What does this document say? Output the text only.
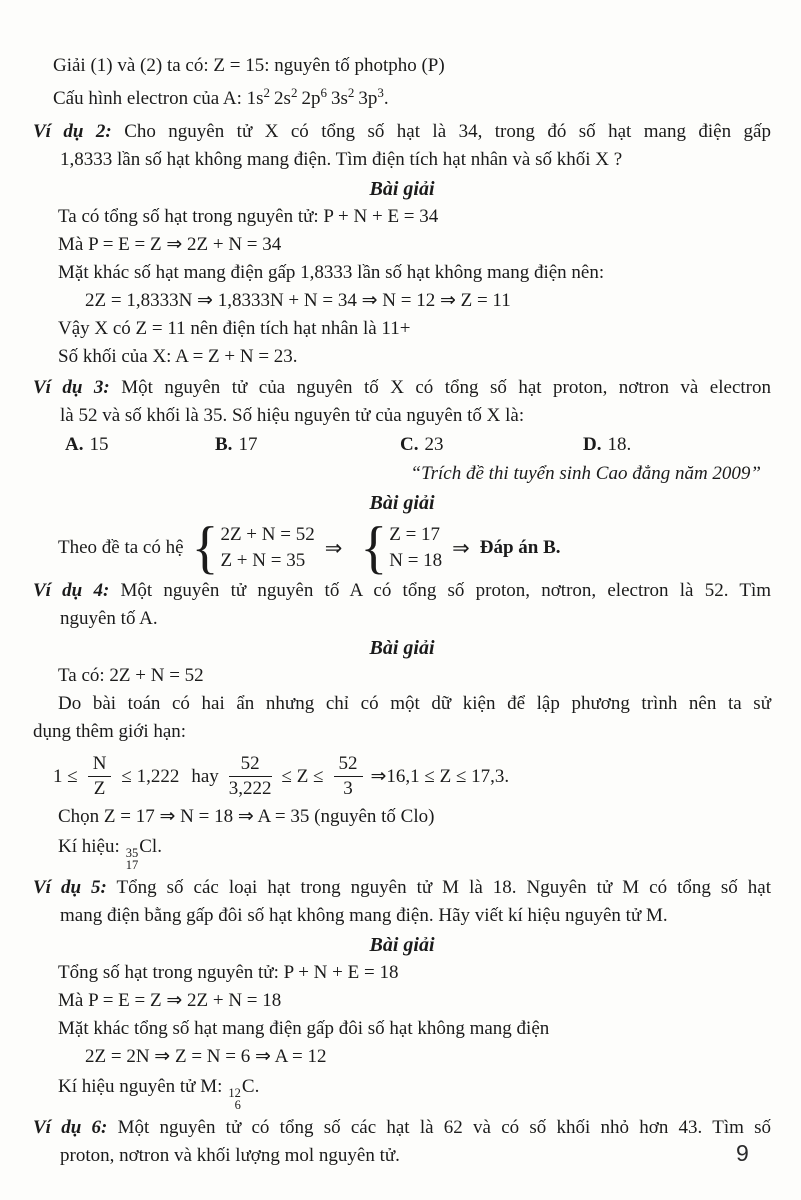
Giải (1) và (2) ta có: Z = 15: nguyên tố photpho (P)
Cấu hình electron của A: $1s^2$ $2s^2$ $2p^6$ $3s^2$ $3p^3$.
Ví dụ 2: Cho nguyên tử X có tổng số hạt là 34, trong đó số hạt mang điện gấp
1,8333 lần số hạt không mang điện. Tìm điện tích hạt nhân và số khối X ?
Bài giải
Ta có tổng số hạt trong nguyên tử: P + N + E = 34
Mà P = E = Z ⇒ 2Z + N = 34
Mặt khác số hạt mang điện gấp 1,8333 lần số hạt không mang điện nên:
2Z = 1,8333N ⇒ 1,8333N + N = 34 ⇒ N = 12 ⇒ Z = 11
Vậy X có Z = 11 nên điện tích hạt nhân là 11+
Số khối của X: A = Z + N = 23.
Ví dụ 3: Một nguyên tử của nguyên tố X có tổng số hạt proton, nơtron và electron
là 52 và số khối là 35. Số hiệu nguyên tử của nguyên tố X là:
A. 15	B. 17	C. 23	D. 18.
“Trích đề thi tuyển sinh Cao đẳng năm 2009”
Bài giải
Theo đề ta có hệ { 2Z + N = 52
Z + N = 35
⇒ { Z = 17
N = 18
⇒ Đáp án B.
Ví dụ 4: Một nguyên tử nguyên tố A có tổng số proton, nơtron, electron là 52. Tìm
nguyên tố A.
Bài giải
Ta có: 2Z + N = 52
Do bài toán có hai ẩn nhưng chỉ có một dữ kiện để lập phương trình nên ta sử
dụng thêm giới hạn:
$1 \le \frac{N}{Z} \le 1,222$ hay $\frac{52}{3,222} \le Z \le \frac{52}{3}$ ⇒16,1 ≤ Z ≤ 17,3.
Chọn Z = 17 ⇒ N = 18 ⇒ A = 35 (nguyên tố Clo)
Kí hiệu: 35
17
Cl.
Ví dụ 5: Tổng số các loại hạt trong nguyên tử M là 18. Nguyên tử M có tổng số hạt
mang điện bằng gấp đôi số hạt không mang điện. Hãy viết kí hiệu nguyên tử M.
Bài giải
Tổng số hạt trong nguyên tử: P + N + E = 18
Mà P = E = Z ⇒ 2Z + N = 18
Mặt khác tổng số hạt mang điện gấp đôi số hạt không mang điện
2Z = 2N ⇒ Z = N = 6 ⇒ A = 12
Kí hiệu nguyên tử M: 12
6
C.
Ví dụ 6: Một nguyên tử có tổng số các hạt là 62 và có số khối nhỏ hơn 43. Tìm số
proton, nơtron và khối lượng mol nguyên tử.	9
